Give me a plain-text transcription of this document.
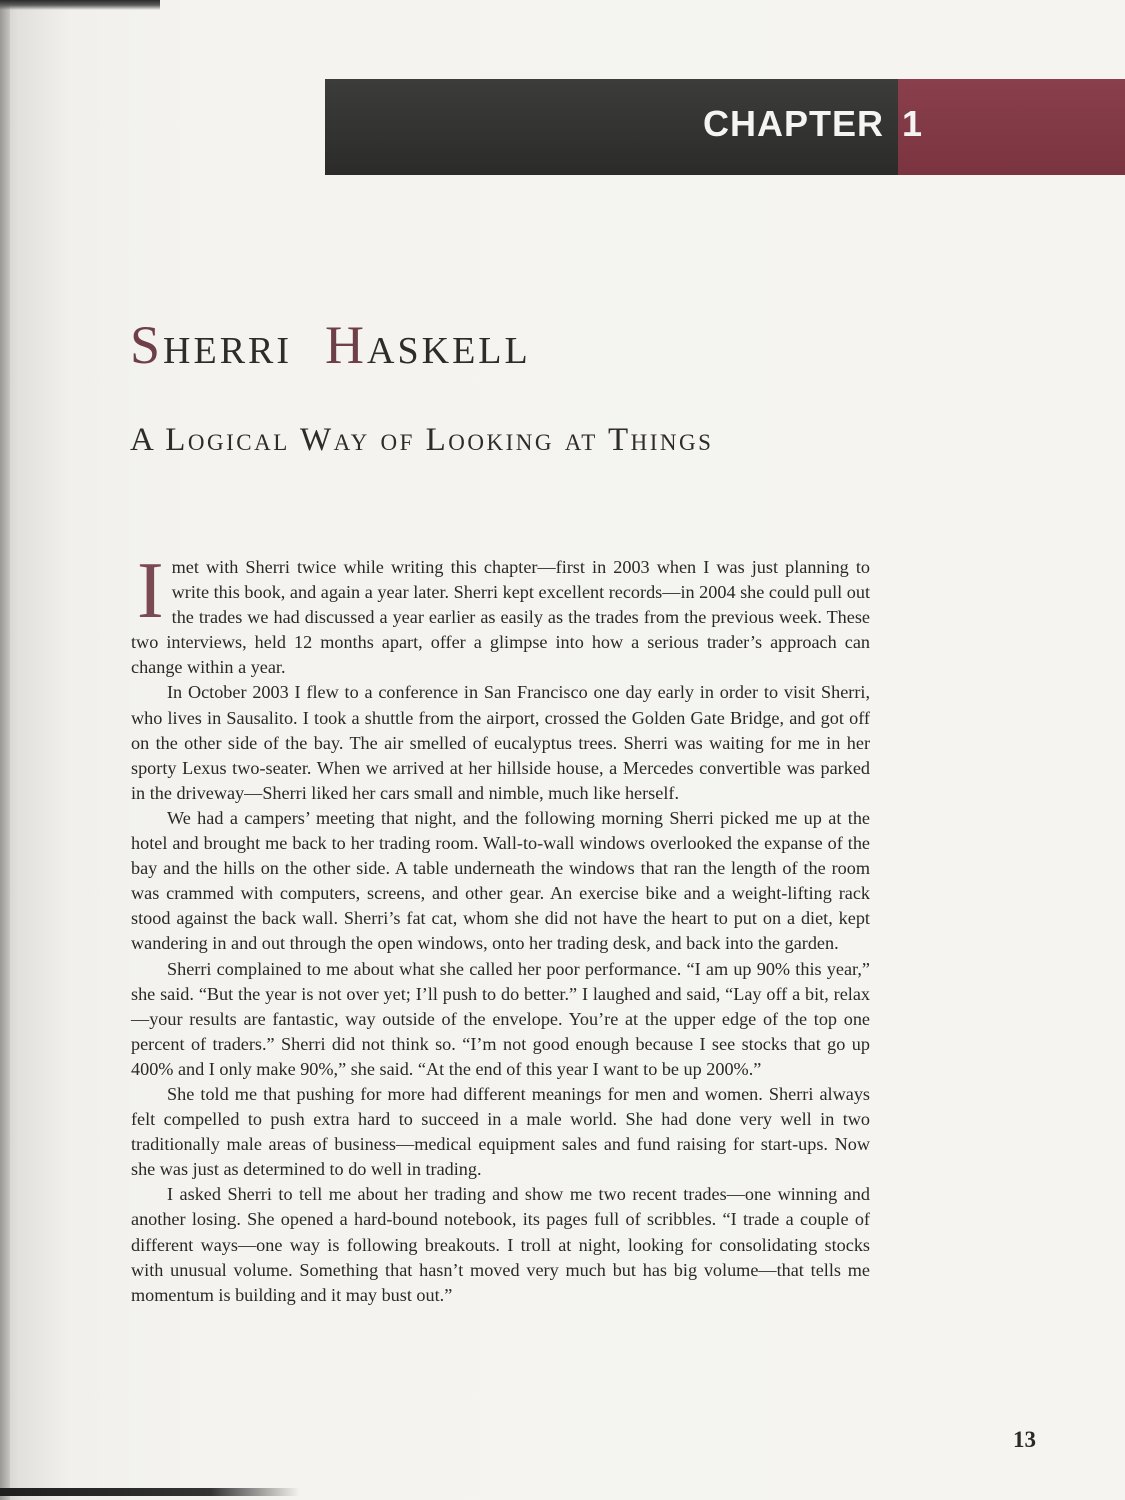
CHAPTER 1
Sherri Haskell
A Logical Way of Looking at Things

Imet with Sherri twice while writing this chapter—first in 2003 when I was just planning to write this book, and again a year later. Sherri kept excellent records—in 2004 she could pull out the trades we had discussed a year earlier as easily as the trades from the previous week. These two interviews, held 12 months apart, offer a glimpse into how a serious trader’s approach can change within a year.

In October 2003 I flew to a conference in San Francisco one day early in order to visit Sherri, who lives in Sausalito. I took a shuttle from the airport, crossed the Golden Gate Bridge, and got off on the other side of the bay. The air smelled of eucalyptus trees. Sherri was waiting for me in her sporty Lexus two-seater. When we arrived at her hillside house, a Mercedes convertible was parked in the driveway—Sherri liked her cars small and nimble, much like herself.

We had a campers’ meeting that night, and the following morning Sherri picked me up at the hotel and brought me back to her trading room. Wall-to-wall windows overlooked the expanse of the bay and the hills on the other side. A table underneath the windows that ran the length of the room was crammed with computers, screens, and other gear. An exercise bike and a weight-lifting rack stood against the back wall. Sherri’s fat cat, whom she did not have the heart to put on a diet, kept wandering in and out through the open windows, onto her trading desk, and back into the garden.

Sherri complained to me about what she called her poor performance. “I am up 90% this year,” she said. “But the year is not over yet; I’ll push to do better.” I laughed and said, “Lay off a bit, relax—your results are fantastic, way outside of the envelope. You’re at the upper edge of the top one percent of traders.” Sherri did not think so. “I’m not good enough because I see stocks that go up 400% and I only make 90%,” she said. “At the end of this year I want to be up 200%.”

She told me that pushing for more had different meanings for men and women. Sherri always felt compelled to push extra hard to succeed in a male world. She had done very well in two traditionally male areas of business—medical equipment sales and fund raising for start-ups. Now she was just as determined to do well in trading.

I asked Sherri to tell me about her trading and show me two recent trades—one winning and another losing. She opened a hard-bound notebook, its pages full of scribbles. “I trade a couple of different ways—one way is following breakouts. I troll at night, looking for consolidating stocks with unusual volume. Something that hasn’t moved very much but has big volume—that tells me momentum is building and it may bust out.”

13
